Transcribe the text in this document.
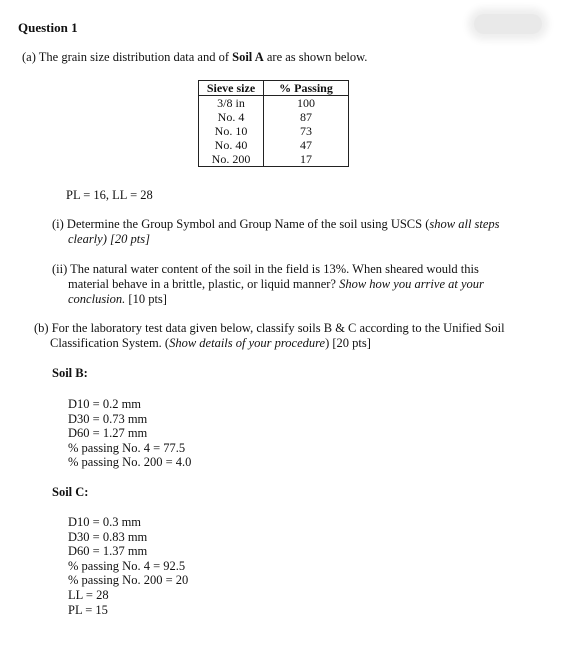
Question 1
(a) The grain size distribution data and of Soil A are as shown below.
Sieve size	% Passing
3/8 in	100
No. 4	87
No. 10	73
No. 40	47
No. 200	17
PL = 16, LL = 28
(i) Determine the Group Symbol and Group Name of the soil using USCS (show all steps
clearly) [20 pts]
(ii) The natural water content of the soil in the field is 13%. When sheared would this
material behave in a brittle, plastic, or liquid manner? Show how you arrive at your
conclusion. [10 pts]
(b) For the laboratory test data given below, classify soils B & C according to the Unified Soil
Classification System. (Show details of your procedure) [20 pts]
Soil B:
D10 = 0.2 mm
D30 = 0.73 mm
D60 = 1.27 mm
% passing No. 4 = 77.5
% passing No. 200 = 4.0
Soil C:
D10 = 0.3 mm
D30 = 0.83 mm
D60 = 1.37 mm
% passing No. 4 = 92.5
% passing No. 200 = 20
LL = 28
PL = 15
